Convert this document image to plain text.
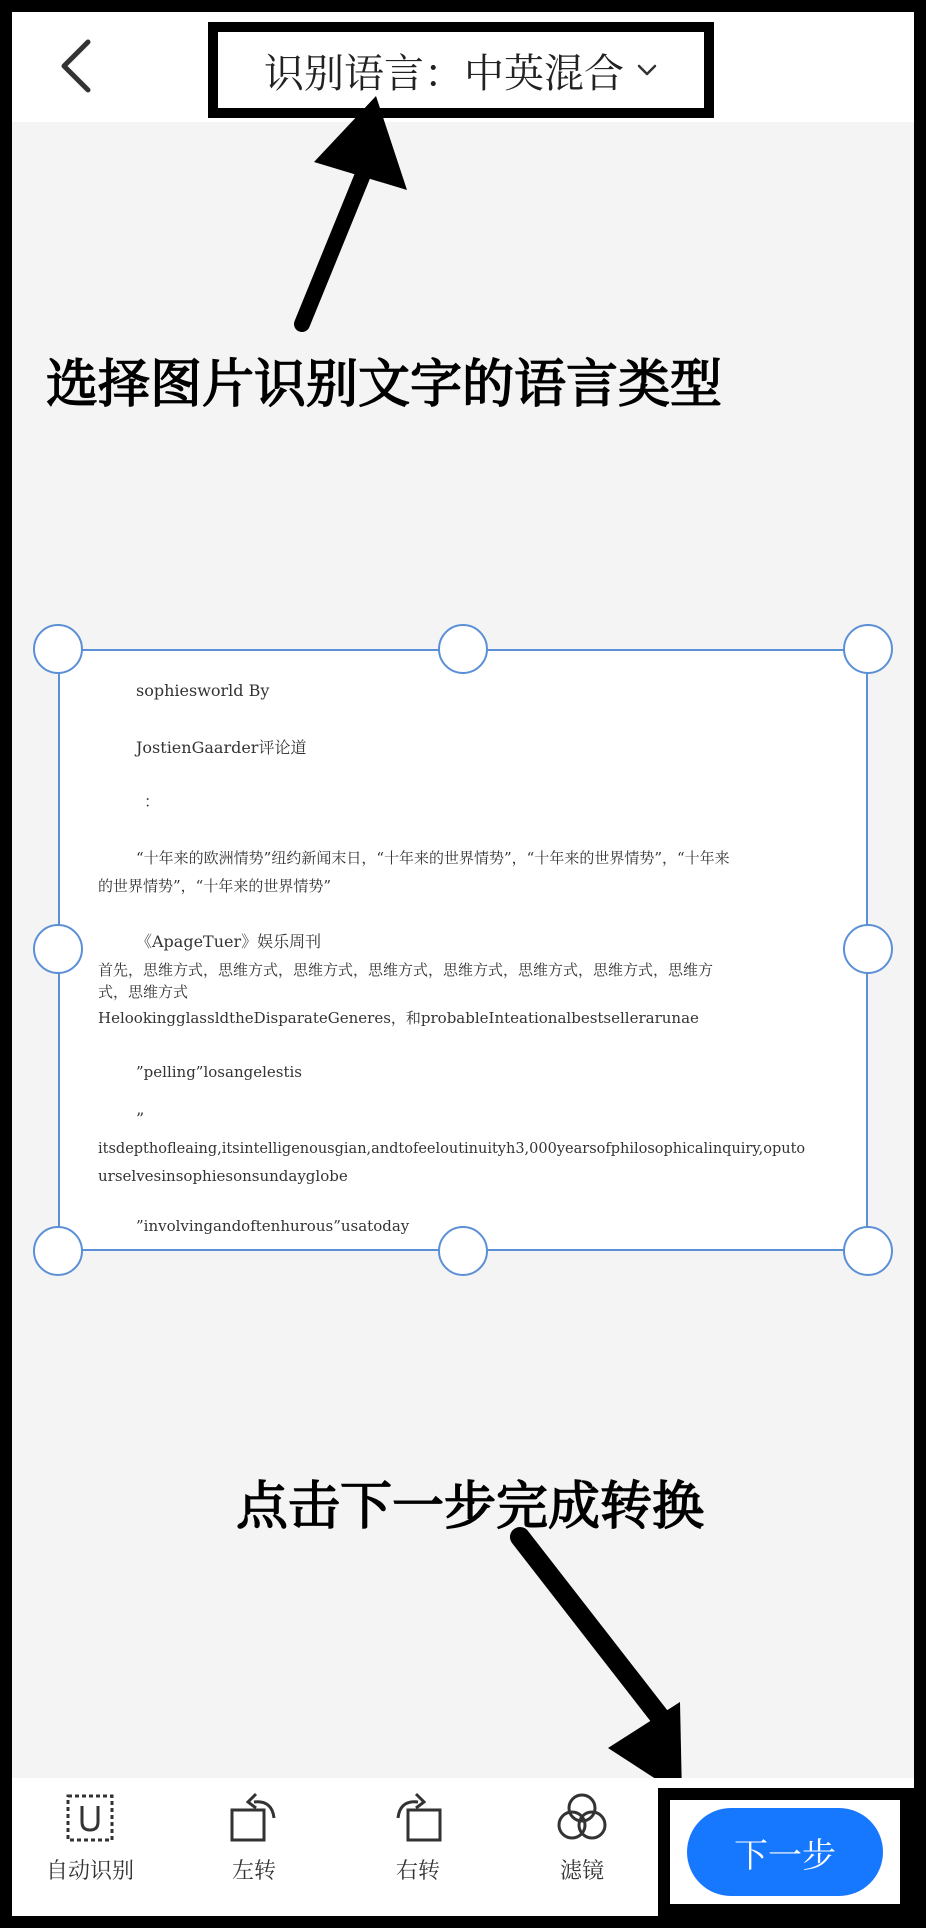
识别语言：中英混合
选择图片识别文字的语言类型
点击下一步完成转换
sophiesworld By
JostienGaarder评论道
：
“十年来的欧洲情势”纽约新闻末日，“十年来的世界情势”，“十年来的世界情势”，“十年来
的世界情势”，“十年来的世界情势”
《ApageTuer》娱乐周刊
首先，思维方式，思维方式，思维方式，思维方式，思维方式，思维方式，思维方式，思维方
式，思维方式
HelookingglassldtheDisparateGeneres，和probableInteationalbestsellerarunae
”pelling”losangelestis
”
itsdepthofleaing,itsintelligenousgian,andtofeeloutinuityh3,000yearsofphilosophicalinquiry,oputo
urselvesinsophiesonsundayglobe
”involvingandoftenhurous”usatoday
自动识别	左转	右转	滤镜	下一步
